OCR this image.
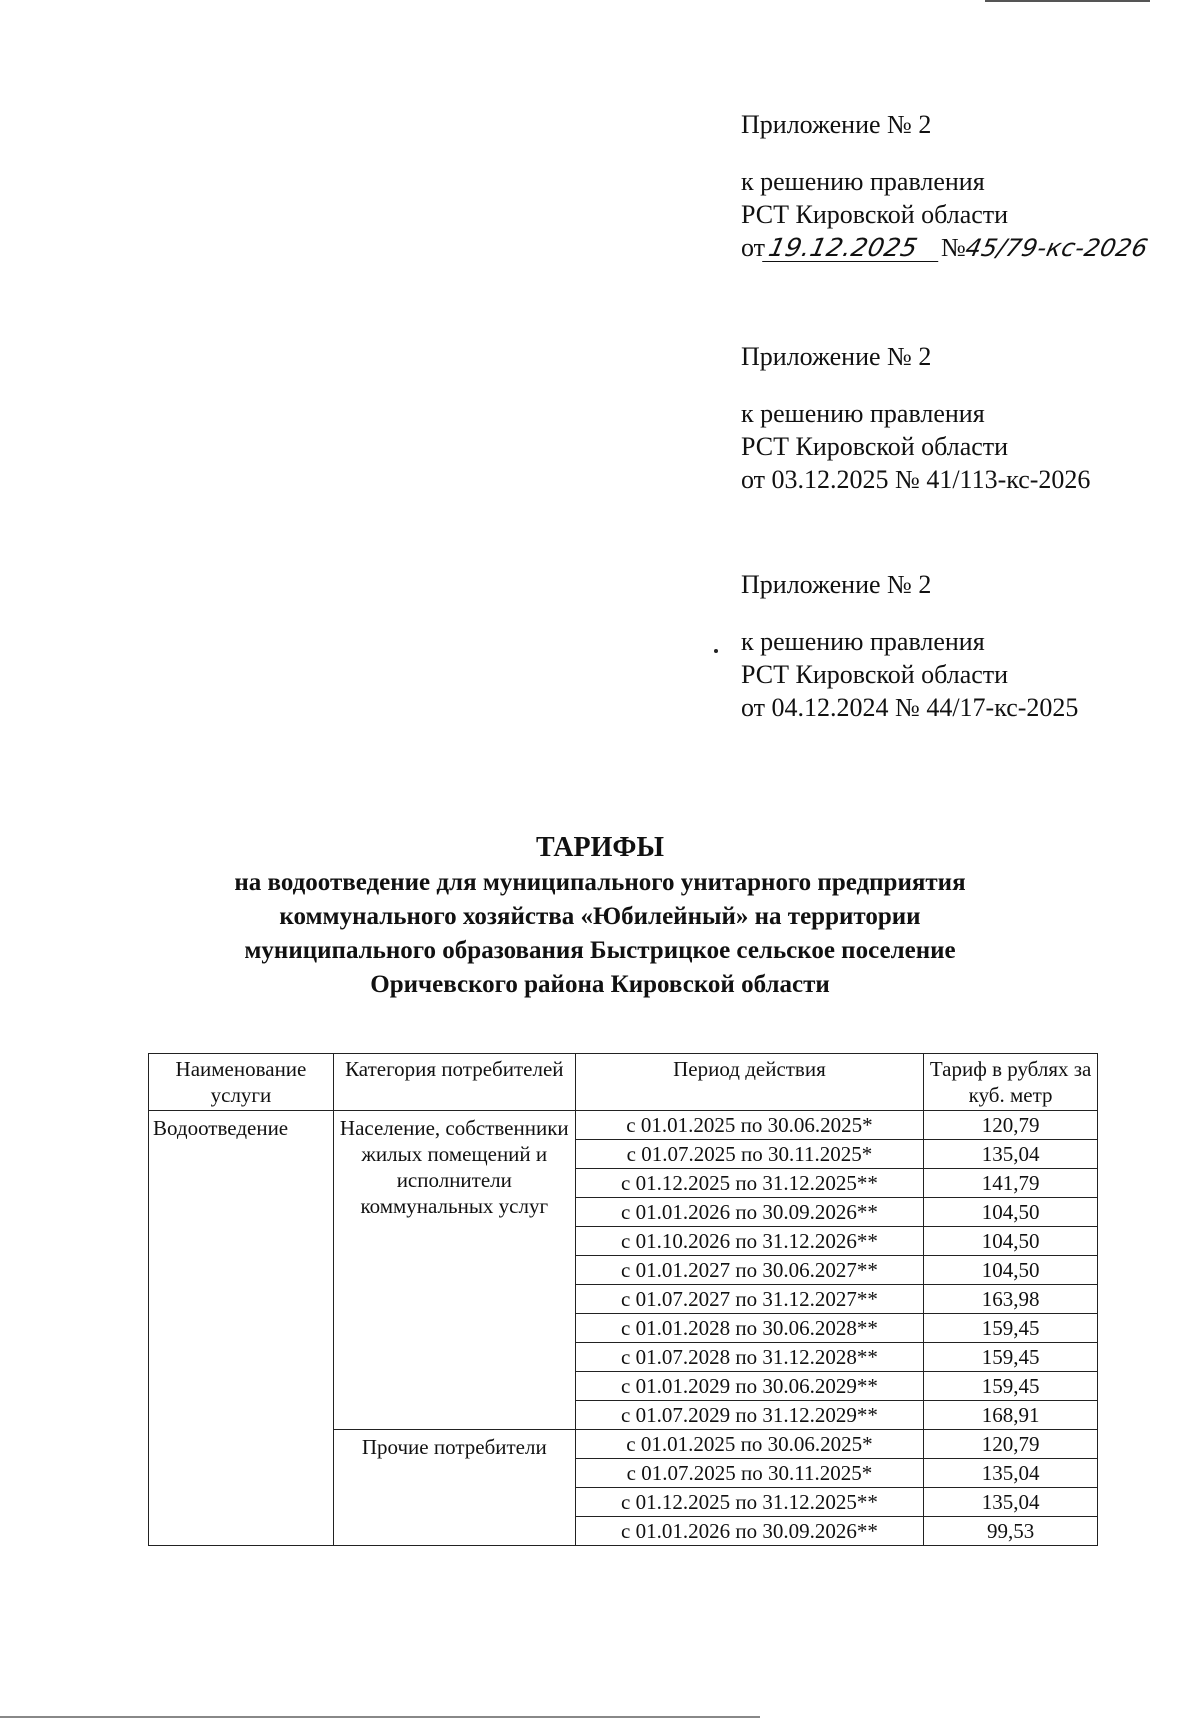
Приложение № 2
к решению правления
РСТ Кировской области
от19.12.2025 №45/79-кс-2026
Приложение № 2
к решению правления
РСТ Кировской области
от 03.12.2025 № 41/113-кс-2026
Приложение № 2
к решению правления
РСТ Кировской области
от 04.12.2024 № 44/17-кс-2025
ТАРИФЫ
на водоотведение для муниципального унитарного предприятия
коммунального хозяйства «Юбилейный» на территории
муниципального образования Быстрицкое сельское поселение
Оричевского района Кировской области
Наименование услуги	Категория потребителей	Период действия	Тариф в рублях за куб. метр
Водоотведение	Население, собственники жилых помещений и исполнители коммунальных услуг	с 01.01.2025 по 30.06.2025*	120,79
		с 01.07.2025 по 30.11.2025*	135,04
		с 01.12.2025 по 31.12.2025**	141,79
		с 01.01.2026 по 30.09.2026**	104,50
		с 01.10.2026 по 31.12.2026**	104,50
		с 01.01.2027 по 30.06.2027**	104,50
		с 01.07.2027 по 31.12.2027**	163,98
		с 01.01.2028 по 30.06.2028**	159,45
		с 01.07.2028 по 31.12.2028**	159,45
		с 01.01.2029 по 30.06.2029**	159,45
		с 01.07.2029 по 31.12.2029**	168,91
	Прочие потребители	с 01.01.2025 по 30.06.2025*	120,79
		с 01.07.2025 по 30.11.2025*	135,04
		с 01.12.2025 по 31.12.2025**	135,04
		с 01.01.2026 по 30.09.2026**	99,53
